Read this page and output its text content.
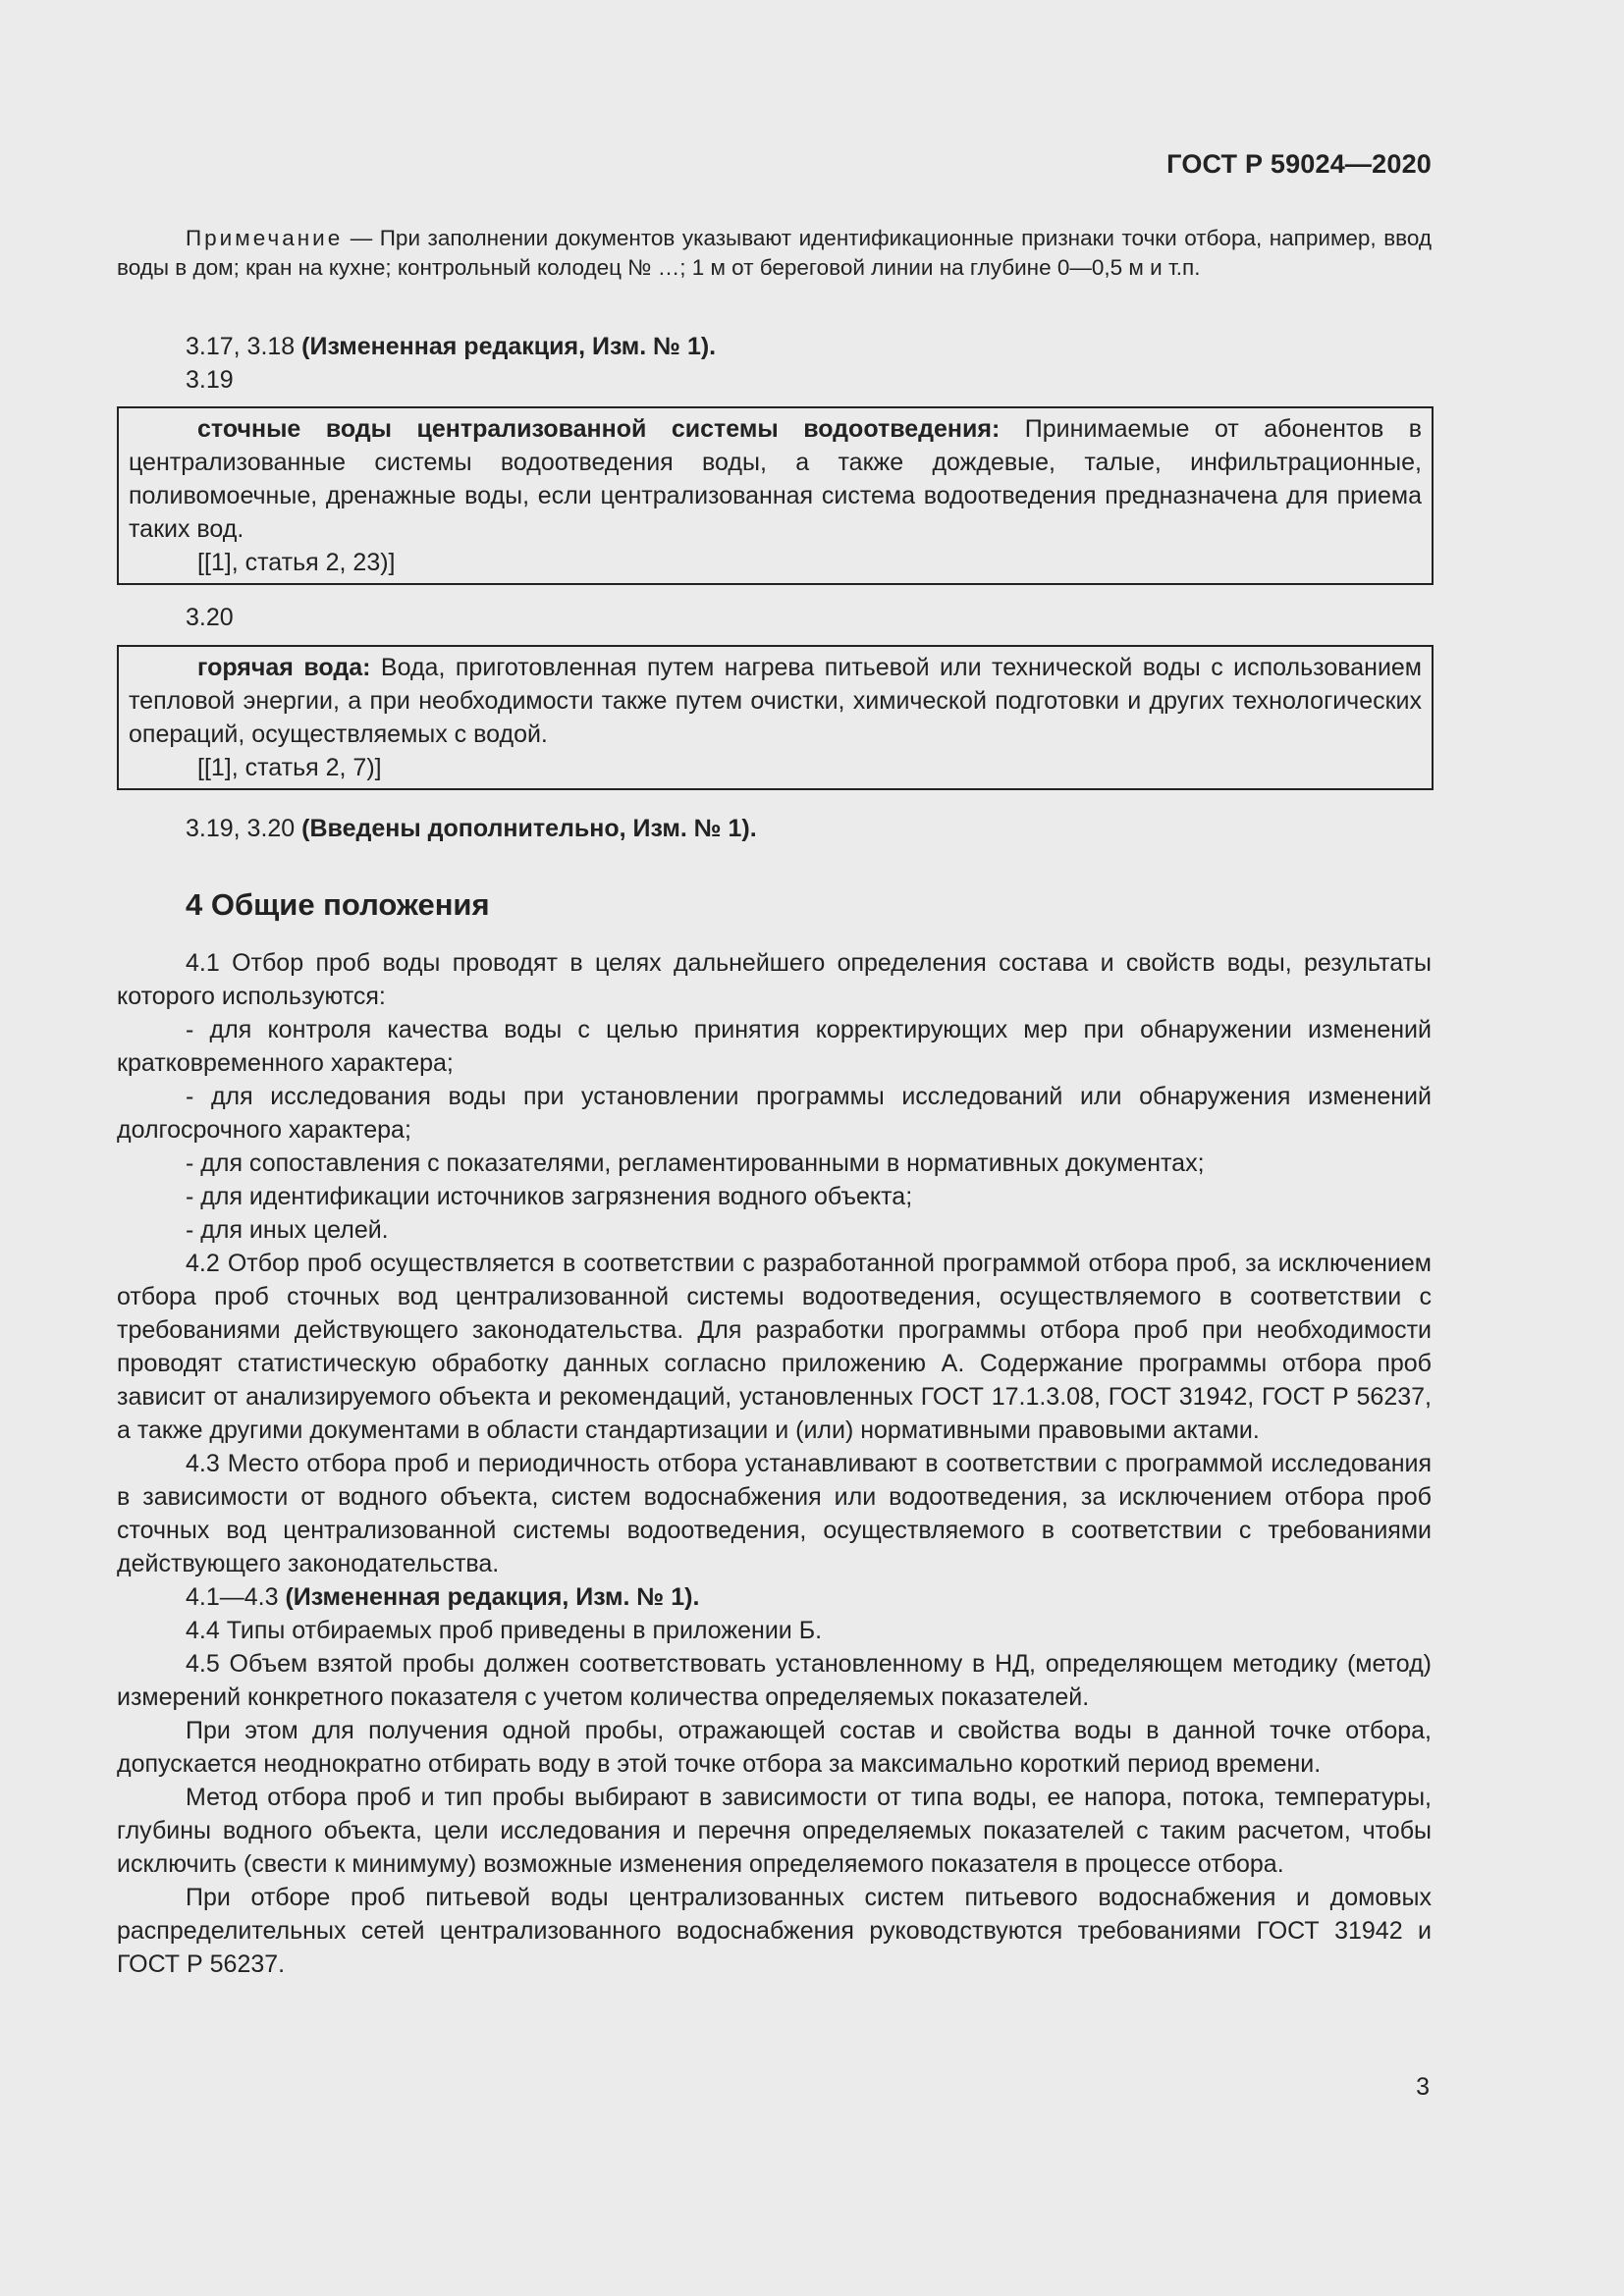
ГОСТ Р 59024—2020

Примечание — При заполнении документов указывают идентификационные признаки точки отбора, например, ввод воды в дом; кран на кухне; контрольный колодец № …; 1 м от береговой линии на глубине 0—0,5 м и т.п.

3.17, 3.18 (Измененная редакция, Изм. № 1).

3.19

сточные воды централизованной системы водоотведения: Принимаемые от абонентов в централизованные системы водоотведения воды, а также дождевые, талые, инфильтрационные, поливомоечные, дренажные воды, если централизованная система водоотведения предназначена для приема таких вод.

[[1], статья 2, 23)]

3.20

горячая вода: Вода, приготовленная путем нагрева питьевой или технической воды с использованием тепловой энергии, а при необходимости также путем очистки, химической подготовки и других технологических операций, осуществляемых с водой.

[[1], статья 2, 7)]

3.19, 3.20 (Введены дополнительно, Изм. № 1).

4 Общие положения

4.1 Отбор проб воды проводят в целях дальнейшего определения состава и свойств воды, результаты которого используются:

- для контроля качества воды с целью принятия корректирующих мер при обнаружении изменений кратковременного характера;

- для исследования воды при установлении программы исследований или обнаружения изменений долгосрочного характера;

- для сопоставления с показателями, регламентированными в нормативных документах;

- для идентификации источников загрязнения водного объекта;

- для иных целей.

4.2 Отбор проб осуществляется в соответствии с разработанной программой отбора проб, за исключением отбора проб сточных вод централизованной системы водоотведения, осуществляемого в соответствии с требованиями действующего законодательства. Для разработки программы отбора проб при необходимости проводят статистическую обработку данных согласно приложению А. Содержание программы отбора проб зависит от анализируемого объекта и рекомендаций, установленных ГОСТ 17.1.3.08, ГОСТ 31942, ГОСТ Р 56237, а также другими документами в области стандартизации и (или) нормативными правовыми актами.

4.3 Место отбора проб и периодичность отбора устанавливают в соответствии с программой исследования в зависимости от водного объекта, систем водоснабжения или водоотведения, за исключением отбора проб сточных вод централизованной системы водоотведения, осуществляемого в соответствии с требованиями действующего законодательства.

4.1—4.3 (Измененная редакция, Изм. № 1).

4.4 Типы отбираемых проб приведены в приложении Б.

4.5 Объем взятой пробы должен соответствовать установленному в НД, определяющем методику (метод) измерений конкретного показателя с учетом количества определяемых показателей.

При этом для получения одной пробы, отражающей состав и свойства воды в данной точке отбора, допускается неоднократно отбирать воду в этой точке отбора за максимально короткий период времени.

Метод отбора проб и тип пробы выбирают в зависимости от типа воды, ее напора, потока, температуры, глубины водного объекта, цели исследования и перечня определяемых показателей с таким расчетом, чтобы исключить (свести к минимуму) возможные изменения определяемого показателя в процессе отбора.

При отборе проб питьевой воды централизованных систем питьевого водоснабжения и домовых распределительных сетей централизованного водоснабжения руководствуются требованиями ГОСТ 31942 и ГОСТ Р 56237.

3
